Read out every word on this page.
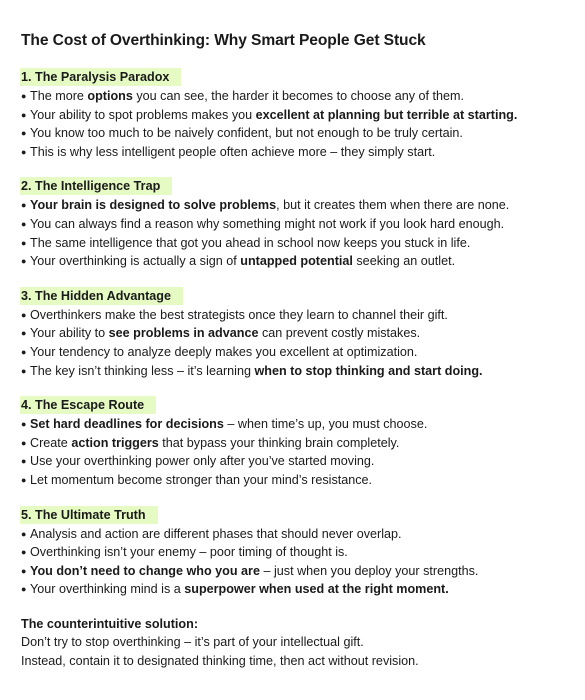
The Cost of Overthinking: Why Smart People Get Stuck
1. The Paralysis Paradox
● The more options you can see, the harder it becomes to choose any of them.
● Your ability to spot problems makes you excellent at planning but terrible at starting.
● You know too much to be naively confident, but not enough to be truly certain.
● This is why less intelligent people often achieve more – they simply start.
2. The Intelligence Trap
● Your brain is designed to solve problems, but it creates them when there are none.
● You can always find a reason why something might not work if you look hard enough.
● The same intelligence that got you ahead in school now keeps you stuck in life.
● Your overthinking is actually a sign of untapped potential seeking an outlet.
3. The Hidden Advantage
● Overthinkers make the best strategists once they learn to channel their gift.
● Your ability to see problems in advance can prevent costly mistakes.
● Your tendency to analyze deeply makes you excellent at optimization.
● The key isn’t thinking less – it’s learning when to stop thinking and start doing.
4. The Escape Route
● Set hard deadlines for decisions – when time’s up, you must choose.
● Create action triggers that bypass your thinking brain completely.
● Use your overthinking power only after you’ve started moving.
● Let momentum become stronger than your mind’s resistance.
5. The Ultimate Truth
● Analysis and action are different phases that should never overlap.
● Overthinking isn’t your enemy – poor timing of thought is.
● You don’t need to change who you are – just when you deploy your strengths.
● Your overthinking mind is a superpower when used at the right moment.
The counterintuitive solution:
Don’t try to stop overthinking – it’s part of your intellectual gift.
Instead, contain it to designated thinking time, then act without revision.
